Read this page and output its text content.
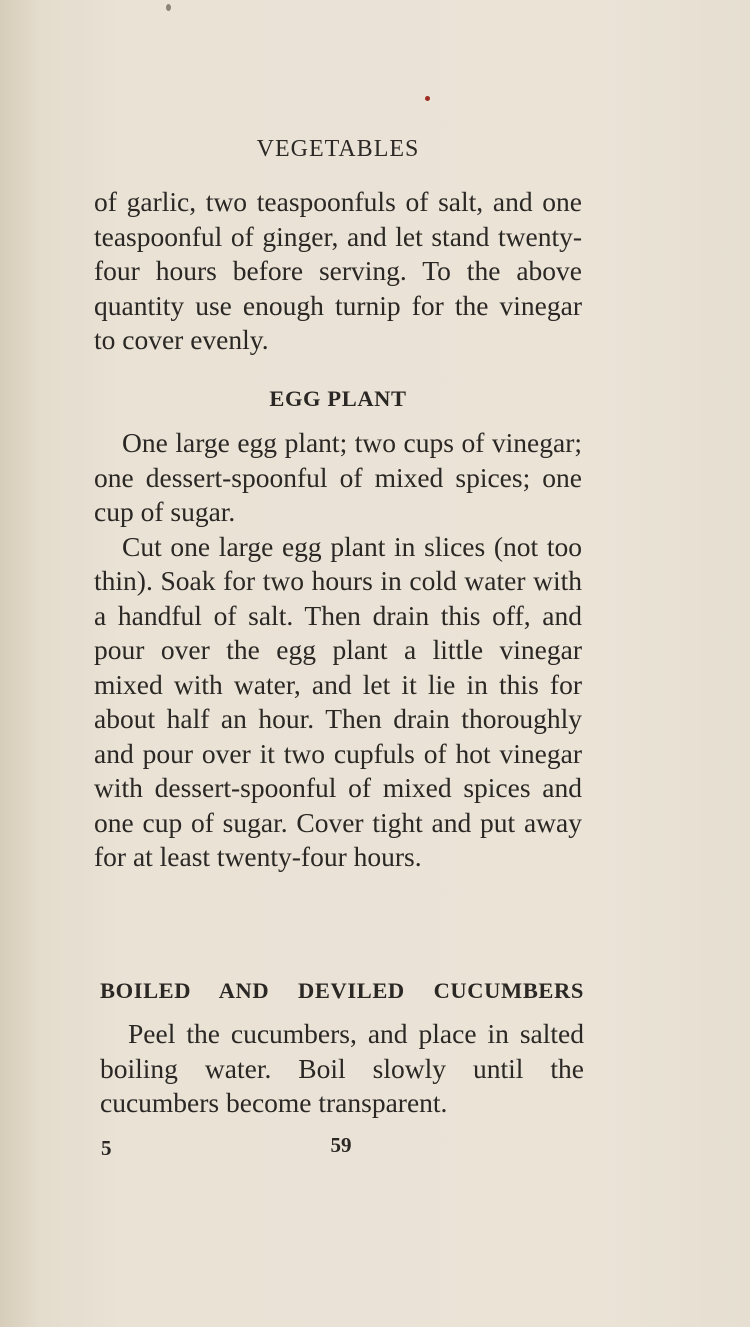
VEGETABLES

of garlic, two teaspoonfuls of salt, and one teaspoonful of ginger, and let stand twenty-four hours before serving. To the above quantity use enough turnip for the vinegar to cover evenly.

EGG PLANT

One large egg plant; two cups of vinegar; one dessert-spoonful of mixed spices; one cup of sugar.

Cut one large egg plant in slices (not too thin). Soak for two hours in cold water with a handful of salt. Then drain this off, and pour over the egg plant a little vinegar mixed with water, and let it lie in this for about half an hour. Then drain thoroughly and pour over it two cupfuls of hot vinegar with dessert-spoonful of mixed spices and one cup of sugar. Cover tight and put away for at least twenty-four hours.

BOILED AND DEVILED CUCUMBERS

Peel the cucumbers, and place in salted boiling water. Boil slowly until the cucumbers become transparent.

5	59
